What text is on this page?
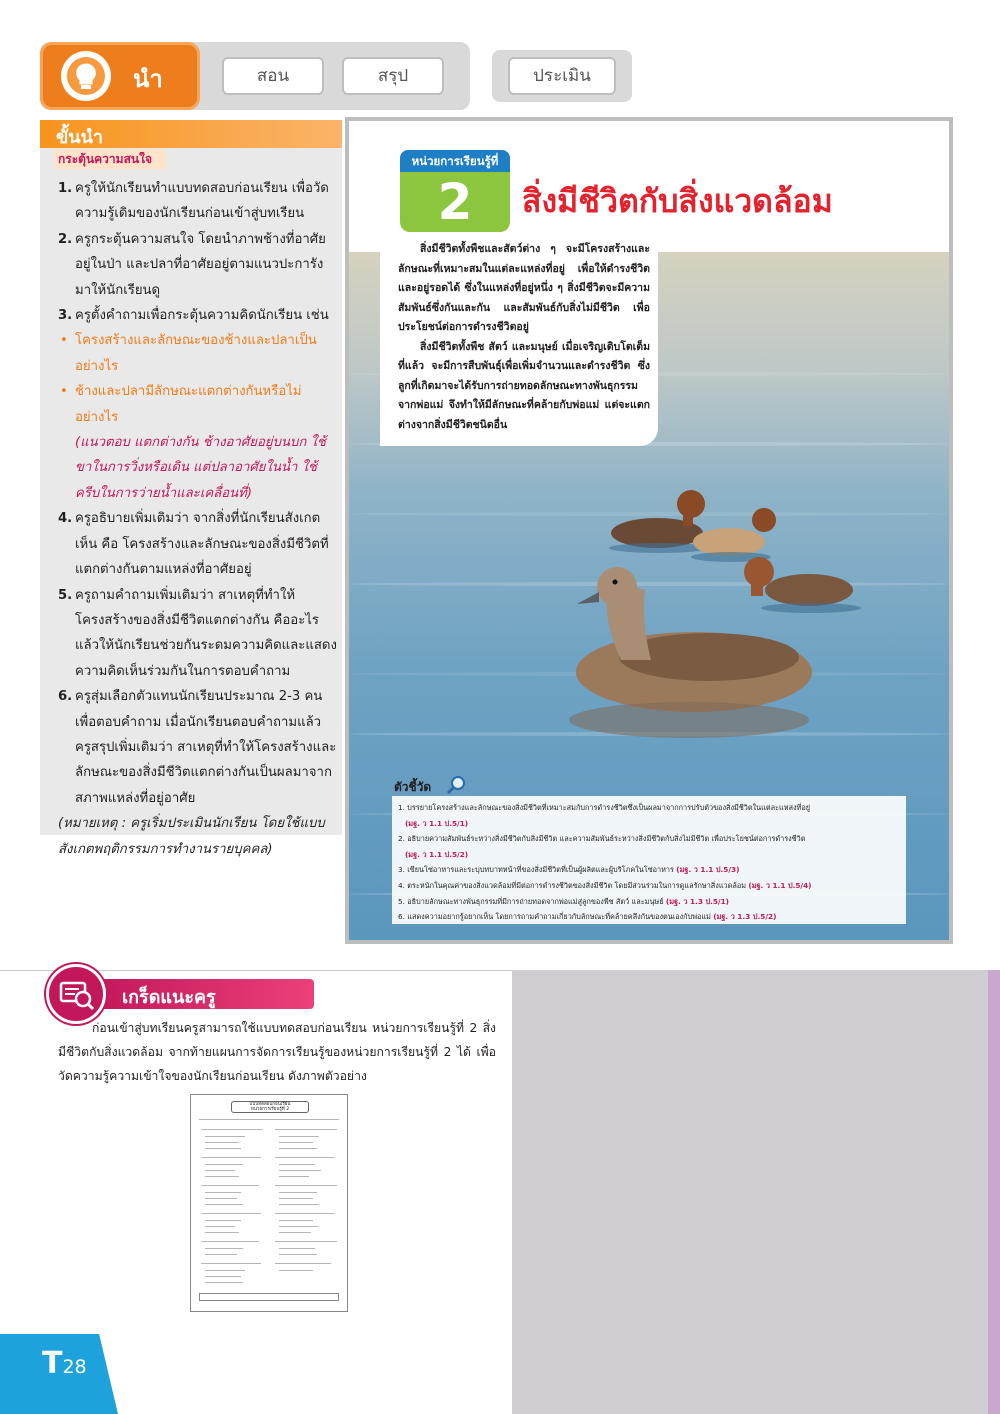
นำ	สอน	สรุป	ประเมิน
ขั้นนำ
กระตุ้นความสนใจ
1. ครูให้นักเรียนทำแบบทดสอบก่อนเรียน เพื่อวัดความรู้เดิมของนักเรียนก่อนเข้าสู่บทเรียน
2. ครูกระตุ้นความสนใจ โดยนำภาพช้างที่อาศัยอยู่ในป่า และปลาที่อาศัยอยู่ตามแนวปะการังมาให้นักเรียนดู
3. ครูตั้งคำถามเพื่อกระตุ้นความคิดนักเรียน เช่น
• โครงสร้างและลักษณะของช้างและปลาเป็นอย่างไร
• ช้างและปลามีลักษณะแตกต่างกันหรือไม่อย่างไร
(แนวตอบ แตกต่างกัน ช้างอาศัยอยู่บนบก ใช้ขาในการวิ่งหรือเดิน แต่ปลาอาศัยในน้ำ ใช้ครีบในการว่ายน้ำและเคลื่อนที่)
4. ครูอธิบายเพิ่มเติมว่า จากสิ่งที่นักเรียนสังเกตเห็น คือ โครงสร้างและลักษณะของสิ่งมีชีวิตที่แตกต่างกันตามแหล่งที่อาศัยอยู่
5. ครูถามคำถามเพิ่มเติมว่า สาเหตุที่ทำให้โครงสร้างของสิ่งมีชีวิตแตกต่างกัน คืออะไร แล้วให้นักเรียนช่วยกันระดมความคิดและแสดงความคิดเห็นร่วมกันในการตอบคำถาม
6. ครูสุ่มเลือกตัวแทนนักเรียนประมาณ 2-3 คน เพื่อตอบคำถาม เมื่อนักเรียนตอบคำถามแล้ว ครูสรุปเพิ่มเติมว่า สาเหตุที่ทำให้โครงสร้างและลักษณะของสิ่งมีชีวิตแตกต่างกันเป็นผลมาจากสภาพแหล่งที่อยู่อาศัย
(หมายเหตุ : ครูเริ่มประเมินนักเรียน โดยใช้แบบสังเกตพฤติกรรมการทำงานรายบุคคล)
หน่วยการเรียนรู้ที่
2	สิ่งมีชีวิตกับสิ่งแวดล้อม

สิ่งมีชีวิตทั้งพืชและสัตว์ต่าง ๆ จะมีโครงสร้างและลักษณะที่เหมาะสมในแต่ละแหล่งที่อยู่ เพื่อให้ดำรงชีวิตและอยู่รอดได้ ซึ่งในแหล่งที่อยู่หนึ่ง ๆ สิ่งมีชีวิตจะมีความสัมพันธ์ซึ่งกันและกัน และสัมพันธ์กับสิ่งไม่มีชีวิต เพื่อประโยชน์ต่อการดำรงชีวิตอยู่

สิ่งมีชีวิตทั้งพืช สัตว์ และมนุษย์ เมื่อเจริญเติบโตเต็มที่แล้ว จะมีการสืบพันธุ์เพื่อเพิ่มจำนวนและดำรงชีวิต ซึ่งลูกที่เกิดมาจะได้รับการถ่ายทอดลักษณะทางพันธุกรรมจากพ่อแม่ จึงทำให้มีลักษณะที่คล้ายกับพ่อแม่ แต่จะแตกต่างจากสิ่งมีชีวิตชนิดอื่น

ตัวชี้วัด
1. บรรยายโครงสร้างและลักษณะของสิ่งมีชีวิตที่เหมาะสมกับการดำรงชีวิตซึ่งเป็นผลมาจากการปรับตัวของสิ่งมีชีวิตในแต่ละแหล่งที่อยู่
(มฐ. ว 1.1 ป.5/1)
2. อธิบายความสัมพันธ์ระหว่างสิ่งมีชีวิตกับสิ่งมีชีวิต และความสัมพันธ์ระหว่างสิ่งมีชีวิตกับสิ่งไม่มีชีวิต เพื่อประโยชน์ต่อการดำรงชีวิต
(มฐ. ว 1.1 ป.5/2)
3. เขียนโซ่อาหารและระบุบทบาทหน้าที่ของสิ่งมีชีวิตที่เป็นผู้ผลิตและผู้บริโภคในโซ่อาหาร (มฐ. ว 1.1 ป.5/3)
4. ตระหนักในคุณค่าของสิ่งแวดล้อมที่มีต่อการดำรงชีวิตของสิ่งมีชีวิต โดยมีส่วนร่วมในการดูแลรักษาสิ่งแวดล้อม (มฐ. ว 1.1 ป.5/4)
5. อธิบายลักษณะทางพันธุกรรมที่มีการถ่ายทอดจากพ่อแม่สู่ลูกของพืช สัตว์ และมนุษย์ (มฐ. ว 1.3 ป.5/1)
6. แสดงความอยากรู้อยากเห็น โดยการถามคำถามเกี่ยวกับลักษณะที่คล้ายคลึงกันของตนเองกับพ่อแม่ (มฐ. ว 1.3 ป.5/2)
เกร็ดแนะครู
ก่อนเข้าสู่บทเรียนครูสามารถใช้แบบทดสอบก่อนเรียน หน่วยการเรียนรู้ที่ 2 สิ่งมีชีวิตกับสิ่งแวดล้อม จากท้ายแผนการจัดการเรียนรู้ของหน่วยการเรียนรู้ที่ 2 ได้ เพื่อวัดความรู้ความเข้าใจของนักเรียนก่อนเรียน ดังภาพตัวอย่าง
แบบทดสอบก่อนเรียน
หน่วยการเรียนรู้ที่ 2
T28
